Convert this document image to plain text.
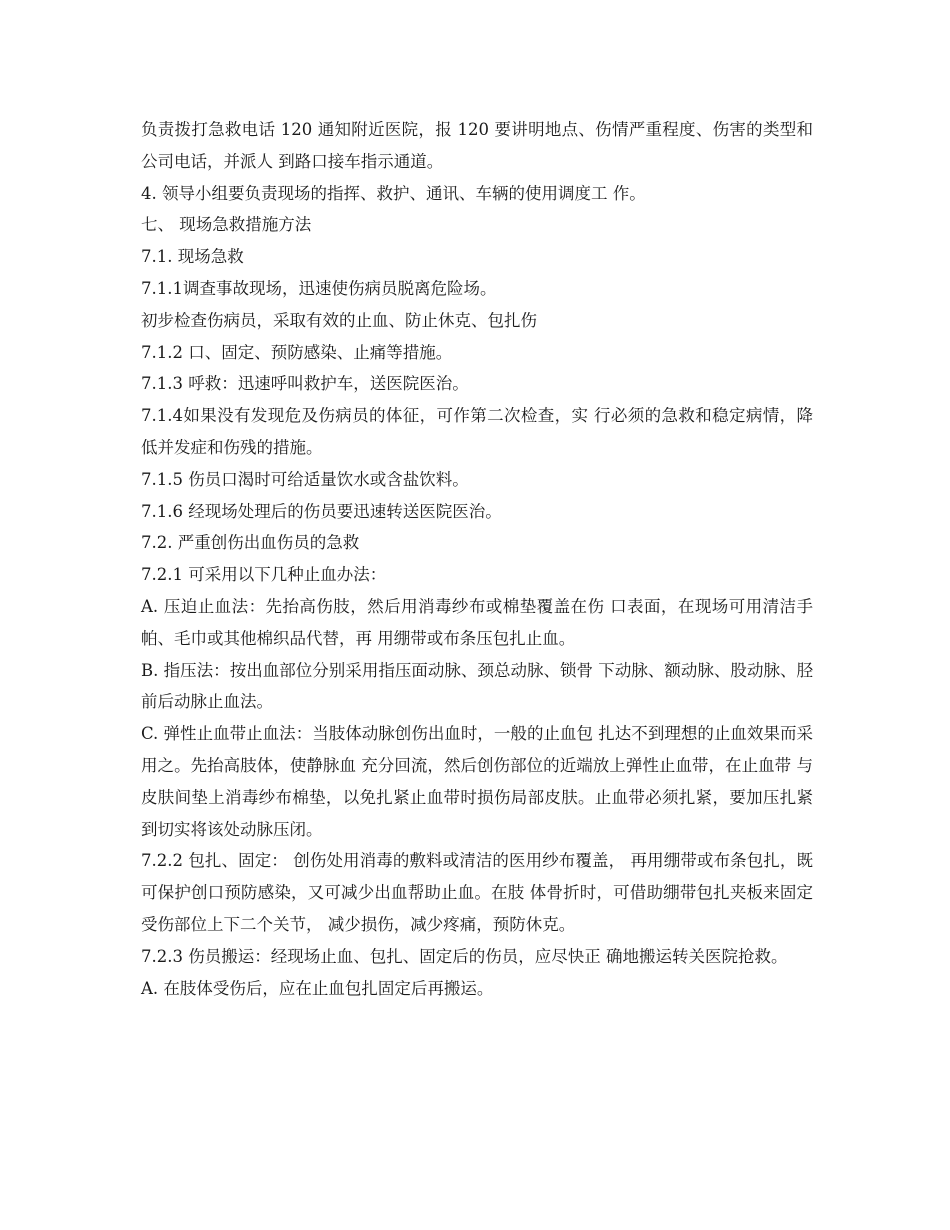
负责拨打急救电话 120 通知附近医院，报 120 要讲明地点、伤情严重程度、伤害的类型和公司电话，并派人 到路口接车指示通道。

4. 领导小组要负责现场的指挥、救护、通讯、车辆的使用调度工 作。

七、 现场急救措施方法

7.1. 现场急救

7.1.1调查事故现场，迅速使伤病员脱离危险场。

初步检查伤病员，采取有效的止血、防止休克、包扎伤

7.1.2 口、固定、预防感染、止痛等措施。

7.1.3 呼救：迅速呼叫救护车，送医院医治。

7.1.4如果没有发现危及伤病员的体征，可作第二次检查，实 行必须的急救和稳定病情，降低并发症和伤残的措施。

7.1.5 伤员口渴时可给适量饮水或含盐饮料。

7.1.6 经现场处理后的伤员要迅速转送医院医治。

7.2. 严重创伤出血伤员的急救

7.2.1 可采用以下几种止血办法：

A. 压迫止血法：先抬高伤肢，然后用消毒纱布或棉垫覆盖在伤 口表面，在现场可用清洁手帕、毛巾或其他棉织品代替，再 用绷带或布条压包扎止血。

B. 指压法：按出血部位分别采用指压面动脉、颈总动脉、锁骨 下动脉、额动脉、股动脉、胫前后动脉止血法。

C. 弹性止血带止血法：当肢体动脉创伤出血时，一般的止血包 扎达不到理想的止血效果而采用之。先抬高肢体，使静脉血 充分回流，然后创伤部位的近端放上弹性止血带，在止血带 与皮肤间垫上消毒纱布棉垫，以免扎紧止血带时损伤局部皮肤。止血带必须扎紧，要加压扎紧到切实将该处动脉压闭。

7.2.2 包扎、固定： 创伤处用消毒的敷料或清洁的医用纱布覆盖， 再用绷带或布条包扎，既可保护创口预防感染，又可减少出血帮助止血。在肢 体骨折时，可借助绷带包扎夹板来固定受伤部位上下二个关节， 减少损伤，减少疼痛，预防休克。

7.2.3 伤员搬运：经现场止血、包扎、固定后的伤员，应尽快正 确地搬运转关医院抢救。

A. 在肢体受伤后，应在止血包扎固定后再搬运。
